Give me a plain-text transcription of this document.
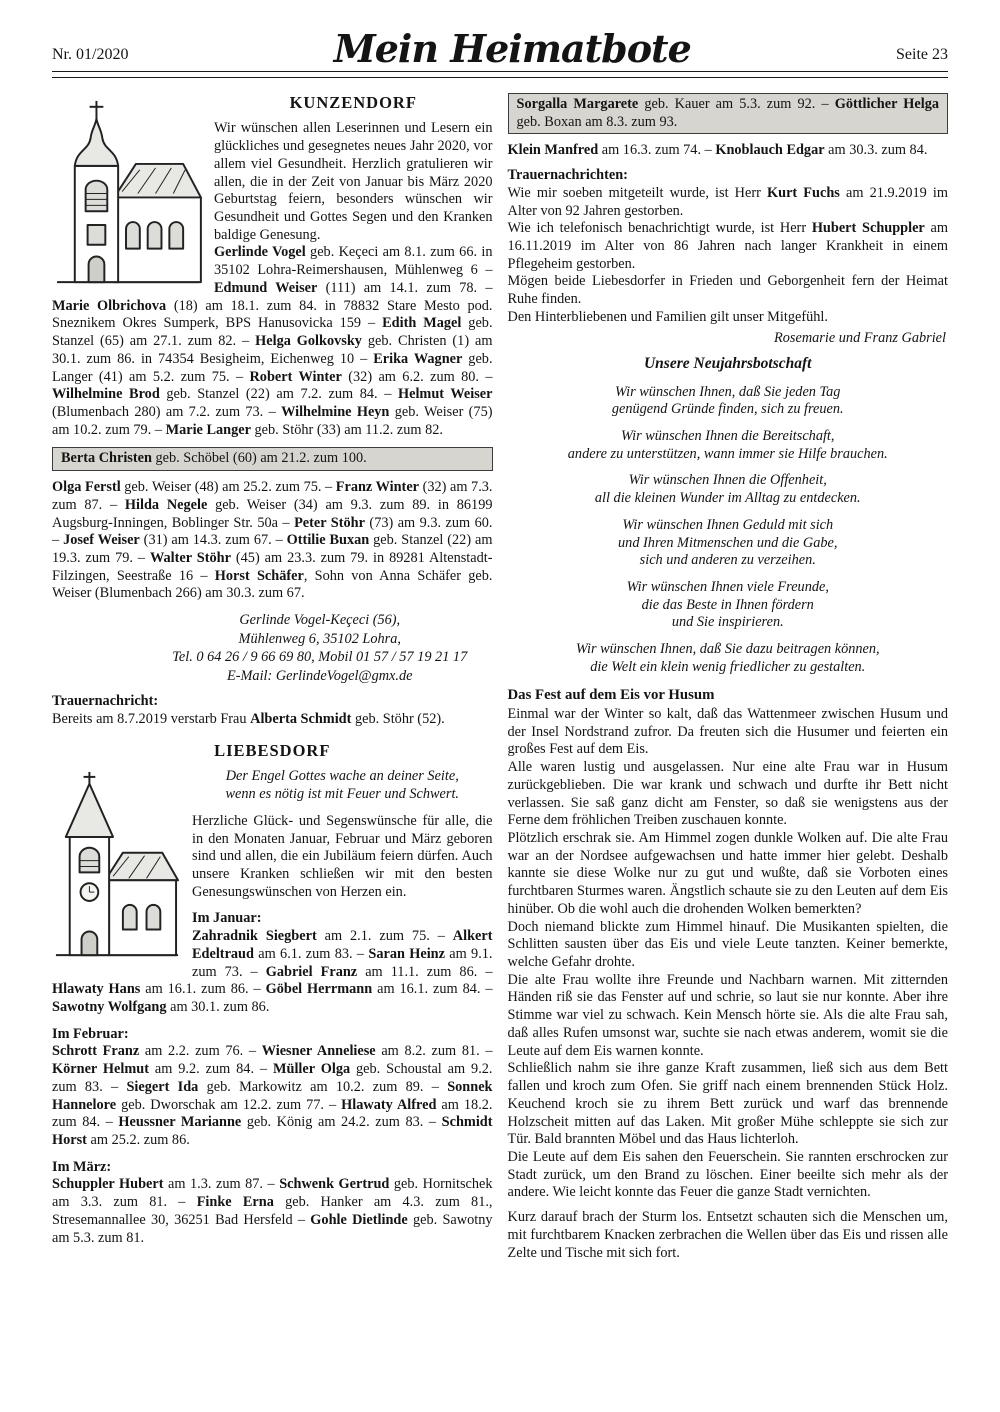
Nr. 01/2020	Mein Heimatbote	Seite 23
KUNZENDORF

Wir wünschen allen Leserinnen und Lesern ein glückliches und gesegnetes neues Jahr 2020, vor allem viel Gesundheit. Herzlich gratulieren wir allen, die in der Zeit von Januar bis März 2020 Geburtstag feiern, besonders wünschen wir Gesundheit und Gottes Segen und den Kranken baldige Genesung.

Gerlinde Vogel geb. Keçeci am 8.1. zum 66. in 35102 Lohra-Reimershausen, Mühlenweg 6 – Edmund Weiser (111) am 14.1. zum 78. – Marie Olbrichova (18) am 18.1. zum 84. in 78832 Stare Mesto pod. Sneznikem Okres Sumperk, BPS Hanusovicka 159 – Edith Magel geb. Stanzel (65) am 27.1. zum 82. – Helga Golkovsky geb. Christen (1) am 30.1. zum 86. in 74354 Besigheim, Eichenweg 10 – Erika Wagner geb. Langer (41) am 5.2. zum 75. – Robert Winter (32) am 6.2. zum 80. – Wilhelmine Brod geb. Stanzel (22) am 7.2. zum 84. – Helmut Weiser (Blumenbach 280) am 7.2. zum 73. – Wilhelmine Heyn geb. Weiser (75) am 10.2. zum 79. – Marie Langer geb. Stöhr (33) am 11.2. zum 82.

Berta Christen geb. Schöbel (60) am 21.2. zum 100.

Olga Ferstl geb. Weiser (48) am 25.2. zum 75. – Franz Winter (32) am 7.3. zum 87. – Hilda Negele geb. Weiser (34) am 9.3. zum 89. in 86199 Augsburg-Inningen, Boblinger Str. 50a – Peter Stöhr (73) am 9.3. zum 60. – Josef Weiser (31) am 14.3. zum 67. – Ottilie Buxan geb. Stanzel (22) am 19.3. zum 79. – Walter Stöhr (45) am 23.3. zum 79. in 89281 Altenstadt-Filzingen, Seestraße 16 – Horst Schäfer, Sohn von Anna Schäfer geb. Weiser (Blumenbach 266) am 30.3. zum 67.

Gerlinde Vogel-Keçeci (56),
Mühlenweg 6, 35102 Lohra,
Tel. 0 64 26 / 9 66 69 80, Mobil 01 57 / 57 19 21 17
E-Mail: GerlindeVogel@gmx.de

Trauernachricht:

Bereits am 8.7.2019 verstarb Frau Alberta Schmidt geb. Stöhr (52).

LIEBESDORF
Der Engel Gottes wache an deiner Seite,
wenn es nötig ist mit Feuer und Schwert.

Herzliche Glück- und Segenswünsche für alle, die in den Monaten Januar, Februar und März geboren sind und allen, die ein Jubiläum feiern dürfen. Auch unsere Kranken schließen wir mit den besten Genesungswünschen von Herzen ein.

Im Januar:

Zahradnik Siegbert am 2.1. zum 75. – Alkert Edeltraud am 6.1. zum 83. – Saran Heinz am 9.1. zum 73. – Gabriel Franz am 11.1. zum 86. – Hlawaty Hans am 16.1. zum 86. – Göbel Herrmann am 16.1. zum 84. – Sawotny Wolfgang am 30.1. zum 86.

Im Februar:

Schrott Franz am 2.2. zum 76. – Wiesner Anneliese am 8.2. zum 81. – Körner Helmut am 9.2. zum 84. – Müller Olga geb. Schoustal am 9.2. zum 83. – Siegert Ida geb. Markowitz am 10.2. zum 89. – Sonnek Hannelore geb. Dworschak am 12.2. zum 77. – Hlawaty Alfred am 18.2. zum 84. – Heussner Marianne geb. König am 24.2. zum 83. – Schmidt Horst am 25.2. zum 86.

Im März:

Schuppler Hubert am 1.3. zum 87. – Schwenk Gertrud geb. Hornitschek am 3.3. zum 81. – Finke Erna geb. Hanker am 4.3. zum 81., Stresemannallee 30, 36251 Bad Hersfeld – Gohle Dietlinde geb. Sawotny am 5.3. zum 81.

Sorgalla Margarete geb. Kauer am 5.3. zum 92. – Göttlicher Helga geb. Boxan am 8.3. zum 93.

Klein Manfred am 16.3. zum 74. – Knoblauch Edgar am 30.3. zum 84.

Trauernachrichten:

Wie mir soeben mitgeteilt wurde, ist Herr Kurt Fuchs am 21.9.2019 im Alter von 92 Jahren gestorben.

Wie ich telefonisch benachrichtigt wurde, ist Herr Hubert Schuppler am 16.11.2019 im Alter von 86 Jahren nach langer Krankheit in einem Pflegeheim gestorben.

Mögen beide Liebesdorfer in Frieden und Geborgenheit fern der Heimat Ruhe finden.

Den Hinterbliebenen und Familien gilt unser Mitgefühl.

Rosemarie und Franz Gabriel

Unsere Neujahrsbotschaft
Wir wünschen Ihnen, daß Sie jeden Tag
genügend Gründe finden, sich zu freuen.
Wir wünschen Ihnen die Bereitschaft,
andere zu unterstützen, wann immer sie Hilfe brauchen.
Wir wünschen Ihnen die Offenheit,
all die kleinen Wunder im Alltag zu entdecken.
Wir wünschen Ihnen Geduld mit sich
und Ihren Mitmenschen und die Gabe,
sich und anderen zu verzeihen.
Wir wünschen Ihnen viele Freunde,
die das Beste in Ihnen fördern
und Sie inspirieren.
Wir wünschen Ihnen, daß Sie dazu beitragen können,
die Welt ein klein wenig friedlicher zu gestalten.
Das Fest auf dem Eis vor Husum

Einmal war der Winter so kalt, daß das Wattenmeer zwischen Husum und der Insel Nordstrand zufror. Da freuten sich die Husumer und feierten ein großes Fest auf dem Eis.

Alle waren lustig und ausgelassen. Nur eine alte Frau war in Husum zurückgeblieben. Die war krank und schwach und durfte ihr Bett nicht verlassen. Sie saß ganz dicht am Fenster, so daß sie wenigstens aus der Ferne dem fröhlichen Treiben zuschauen konnte.

Plötzlich erschrak sie. Am Himmel zogen dunkle Wolken auf. Die alte Frau war an der Nordsee aufgewachsen und hatte immer hier gelebt. Deshalb kannte sie diese Wolke nur zu gut und wußte, daß sie Vorboten eines furchtbaren Sturmes waren. Ängstlich schaute sie zu den Leuten auf dem Eis hinüber. Ob die wohl auch die drohenden Wolken bemerkten?

Doch niemand blickte zum Himmel hinauf. Die Musikanten spielten, die Schlitten sausten über das Eis und viele Leute tanzten. Keiner bemerkte, welche Gefahr drohte.

Die alte Frau wollte ihre Freunde und Nachbarn warnen. Mit zitternden Händen riß sie das Fenster auf und schrie, so laut sie nur konnte. Aber ihre Stimme war viel zu schwach. Kein Mensch hörte sie. Als die alte Frau sah, daß alles Rufen umsonst war, suchte sie nach etwas anderem, womit sie die Leute auf dem Eis warnen konnte.

Schließlich nahm sie ihre ganze Kraft zusammen, ließ sich aus dem Bett fallen und kroch zum Ofen. Sie griff nach einem brennenden Stück Holz. Keuchend kroch sie zu ihrem Bett zurück und warf das brennende Holzscheit mitten auf das Laken. Mit großer Mühe schleppte sie sich zur Tür. Bald brannten Möbel und das Haus lichterloh.

Die Leute auf dem Eis sahen den Feuerschein. Sie rannten erschrocken zur Stadt zurück, um den Brand zu löschen. Einer beeilte sich mehr als der andere. Wie leicht konnte das Feuer die ganze Stadt vernichten.

Kurz darauf brach der Sturm los. Entsetzt schauten sich die Menschen um, mit furchtbarem Knacken zerbrachen die Wellen über das Eis und rissen alle Zelte und Tische mit sich fort.
